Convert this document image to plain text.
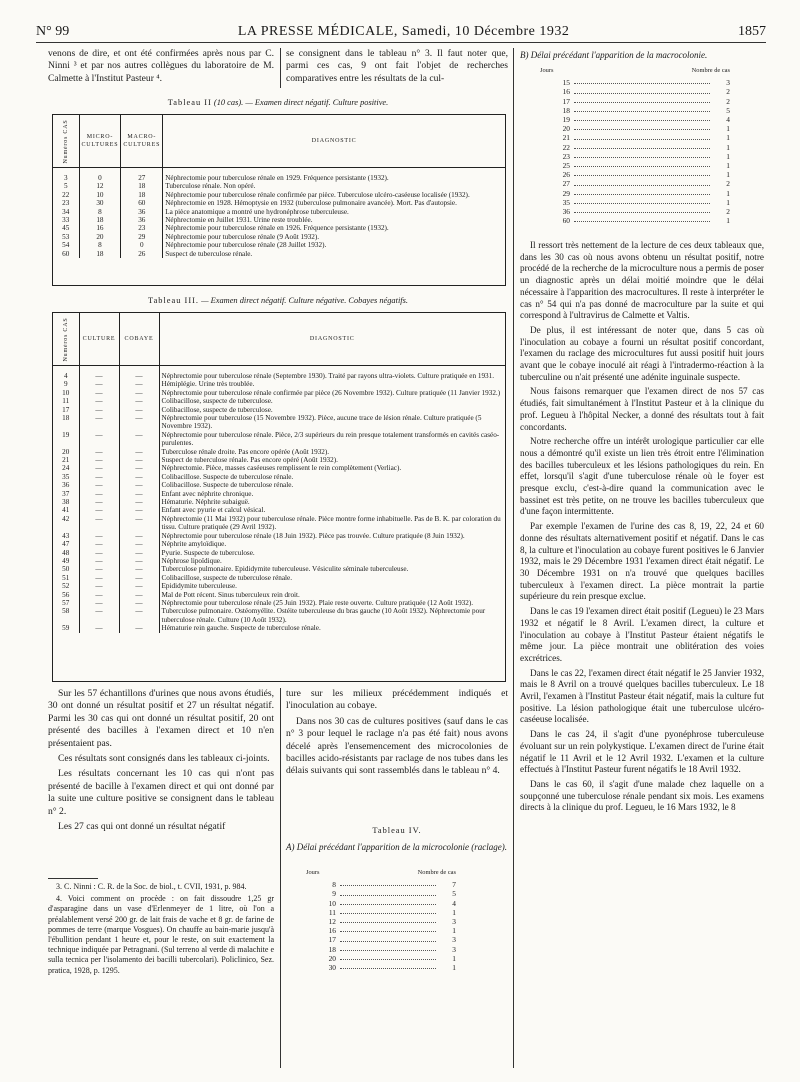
N° 99	LA PRESSE MÉDICALE, Samedi, 10 Décembre 1932	1857

venons de dire, et ont été confirmées après nous par C. Ninni ³ et par nos autres collègues du laboratoire de M. Calmette à l'Institut Pasteur ⁴.

se consignent dans le tableau n° 3. Il faut noter que, parmi ces cas, 9 ont fait l'objet de recherches comparatives entre les résultats de la cul-

Tableau II (10 cas). — Examen direct négatif. Culture positive.
Numéros CAS	MICRO-CULTURES	MACRO-CULTURES	DIAGNOSTIC
3	0	27	Néphrectomie pour tuberculose rénale en 1929. Fréquence persistante (1932).
5	12	18	Tuberculose rénale. Non opéré.
22	10	18	Néphrectomie pour tuberculose rénale confirmée par pièce. Tuberculose ulcéro-caséeuse localisée (1932).
23	30	60	Néphrectomie en 1928. Hémoptysie en 1932 (tuberculose pulmonaire avancée). Mort. Pas d'autopsie.
34	8	36	La pièce anatomique a montré une hydronéphrose tuberculeuse.
33	18	36	Néphrectomie en Juillet 1931. Urine reste troublée.
45	16	23	Néphrectomie pour tuberculose rénale en 1926. Fréquence persistante (1932).
53	20	29	Néphrectomie pour tuberculose rénale (9 Août 1932).
54	8	0	Néphrectomie pour tuberculose rénale (28 Juillet 1932).
60	18	26	Suspect de tuberculose rénale.
Tableau III. — Examen direct négatif. Culture négative. Cobayes négatifs.
Numéros CAS	CULTURE	COBAYE	DIAGNOSTIC
4	—	—	Néphrectomie pour tuberculose rénale (Septembre 1930). Traité par rayons ultra-violets. Culture pratiquée en 1931.
9	—	—	Hémiplégie. Urine très troublée.
10	—	—	Néphrectomie pour tuberculose rénale confirmée par pièce (26 Novembre 1932). Culture pratiquée (11 Janvier 1932.)
11	—	—	Colibacillose, suspecte de tuberculose.
17	—	—	Colibacillose, suspecte de tuberculose.
18	—	—	Néphrectomie pour tuberculose (15 Novembre 1932). Pièce, aucune trace de lésion rénale. Culture pratiquée (5 Novembre 1932).
19	—	—	Néphrectomie pour tuberculose rénale. Pièce, 2/3 supérieurs du rein presque totalement transformés en cavités caséo-purulentes.
20	—	—	Tuberculose rénale droite. Pas encore opérée (Août 1932).
21	—	—	Suspect de tuberculose rénale. Pas encore opéré (Août 1932).
24	—	—	Néphrectomie. Pièce, masses caséeuses remplissent le rein complètement (Verliac).
35	—	—	Colibacillose. Suspecte de tuberculose rénale.
36	—	—	Colibacillose. Suspecte de tuberculose rénale.
37	—	—	Enfant avec néphrite chronique.
38	—	—	Hématurie. Néphrite subaiguë.
41	—	—	Enfant avec pyurie et calcul vésical.
42	—	—	Néphrectomie (11 Mai 1932) pour tuberculose rénale. Pièce montre forme inhabituelle. Pas de B. K. par coloration du tissu. Culture pratiquée (29 Avril 1932).
43	—	—	Néphrectomie pour tuberculose rénale (18 Juin 1932). Pièce pas trouvée. Culture pratiquée (8 Juin 1932).
47	—	—	Néphrite amyloïdique.
48	—	—	Pyurie. Suspecte de tuberculose.
49	—	—	Néphrose lipoïdique.
50	—	—	Tuberculose pulmonaire. Epididymite tuberculeuse. Vésiculite séminale tuberculeuse.
51	—	—	Colibacillose, suspecte de tuberculose rénale.
52	—	—	Epididymite tuberculeuse.
56	—	—	Mal de Pott récent. Sinus tuberculeux rein droit.
57	—	—	Néphrectomie pour tuberculose rénale (25 Juin 1932). Plaie reste ouverte. Culture pratiquée (12 Août 1932).
58	—	—	Tuberculose pulmonaire. Ostéomyélite. Ostéite tuberculeuse du bras gauche (10 Août 1932). Néphrectomie pour tuberculose rénale. Culture (10 Août 1932).
59	—	—	Hématurie rein gauche. Suspecte de tuberculose rénale.

Sur les 57 échantillons d'urines que nous avons étudiés, 30 ont donné un résultat positif et 27 un résultat négatif. Parmi les 30 cas qui ont donné un résultat positif, 20 ont présenté des bacilles à l'examen direct et 10 n'en présentaient pas.

Ces résultats sont consignés dans les tableaux ci-joints.

Les résultats concernant les 10 cas qui n'ont pas présenté de bacille à l'examen direct et qui ont donné par la suite une culture positive se consignent dans le tableau n° 2.

Les 27 cas qui ont donné un résultat négatif

3. C. Ninni : C. R. de la Soc. de biol., t. CVII, 1931, p. 984.

4. Voici comment on procède : on fait dissoudre 1,25 gr d'asparagine dans un vase d'Erlenmeyer de 1 litre, où l'on a préalablement versé 200 gr. de lait frais de vache et 8 gr. de farine de pommes de terre (marque Vosgues). On chauffe au bain-marie jusqu'à l'ébullition pendant 1 heure et, pour le reste, on suit exactement la technique indiquée par Petragnani. (Sul terreno al verde di malachite e sulla tecnica per l'isolamento dei bacilli tubercolari). Policlinico, Sez. pratica, 1928, p. 1295.

ture sur les milieux précédemment indiqués et l'inoculation au cobaye.

Dans nos 30 cas de cultures positives (sauf dans le cas n° 3 pour lequel le raclage n'a pas été fait) nous avons décelé après l'ensemencement des microcolonies de bacilles acido-résistants par raclage de nos tubes dans les délais suivants qui sont rassemblés dans le tableau n° 4.

Tableau IV.
A) Délai précédant l'apparition de la microcolonie (raclage).
Jours	Nombre de cas
8	7
9	5
10	4
11	1
12	3
16	1
17	3
18	3
20	1
30	1
B) Délai précédant l'apparition de la macrocolonie.
Jours	Nombre de cas
15	3
16	2
17	2
18	5
19	4
20	1
21	1
22	1
23	1
25	1
26	1
27	2
29	1
35	1
36	2
60	1

Il ressort très nettement de la lecture de ces deux tableaux que, dans les 30 cas où nous avons obtenu un résultat positif, notre procédé de la recherche de la microculture nous a permis de poser un diagnostic après un délai moitié moindre que le délai nécessaire à l'apparition des macrocultures. Il reste à interpréter le cas n° 54 qui n'a pas donné de macroculture par la suite et qui correspond à l'ultravirus de Calmette et Valtis.

De plus, il est intéressant de noter que, dans 5 cas où l'inoculation au cobaye a fourni un résultat positif concordant, l'examen du raclage des microcultures fut aussi positif huit jours avant que le cobaye inoculé ait réagi à l'intradermo-réaction à la tuberculine ou n'ait présenté une adénite inguinale suspecte.

Nous faisons remarquer que l'examen direct de nos 57 cas étudiés, fait simultanément à l'Institut Pasteur et à la clinique du prof. Legueu à l'hôpital Necker, a donné des résultats tout à fait concordants.

Notre recherche offre un intérêt urologique particulier car elle nous a démontré qu'il existe un lien très étroit entre l'élimination des bacilles tuberculeux et les lésions pathologiques du rein. En effet, lorsqu'il s'agit d'une tuberculose rénale où le foyer est presque exclu, c'est-à-dire quand la communication avec le bassinet est très petite, on ne trouve les bacilles tuberculeux que d'une façon intermittente.

Par exemple l'examen de l'urine des cas 8, 19, 22, 24 et 60 donne des résultats alternativement positif et négatif. Dans le cas 8, la culture et l'inoculation au cobaye furent positives le 6 Janvier 1932, mais le 29 Décembre 1931 l'examen direct était négatif. Le 30 Décembre 1931 on n'a trouvé que quelques bacilles tuberculeux à l'examen direct. La pièce montrait la partie supérieure du rein presque exclue.

Dans le cas 19 l'examen direct était positif (Legueu) le 23 Mars 1932 et négatif le 8 Avril. L'examen direct, la culture et l'inoculation au cobaye à l'Institut Pasteur étaient négatifs le même jour. La pièce montrait une oblitération des voies excrétrices.

Dans le cas 22, l'examen direct était négatif le 25 Janvier 1932, mais le 8 Avril on a trouvé quelques bacilles tuberculeux. Le 18 Avril, l'examen à l'Institut Pasteur était négatif, mais la culture fut positive. La lésion pathologique était une tuberculose ulcéro-caséeuse localisée.

Dans le cas 24, il s'agit d'une pyonéphrose tuberculeuse évoluant sur un rein polykystique. L'examen direct de l'urine était négatif le 11 Avril et le 12 Avril 1932. L'examen et la culture effectués à l'Institut Pasteur furent négatifs le 18 Avril 1932.

Dans le cas 60, il s'agit d'une malade chez laquelle on a soupçonné une tuberculose rénale pendant six mois. Les examens directs à la clinique du prof. Legueu, le 16 Mars 1932, le 8
